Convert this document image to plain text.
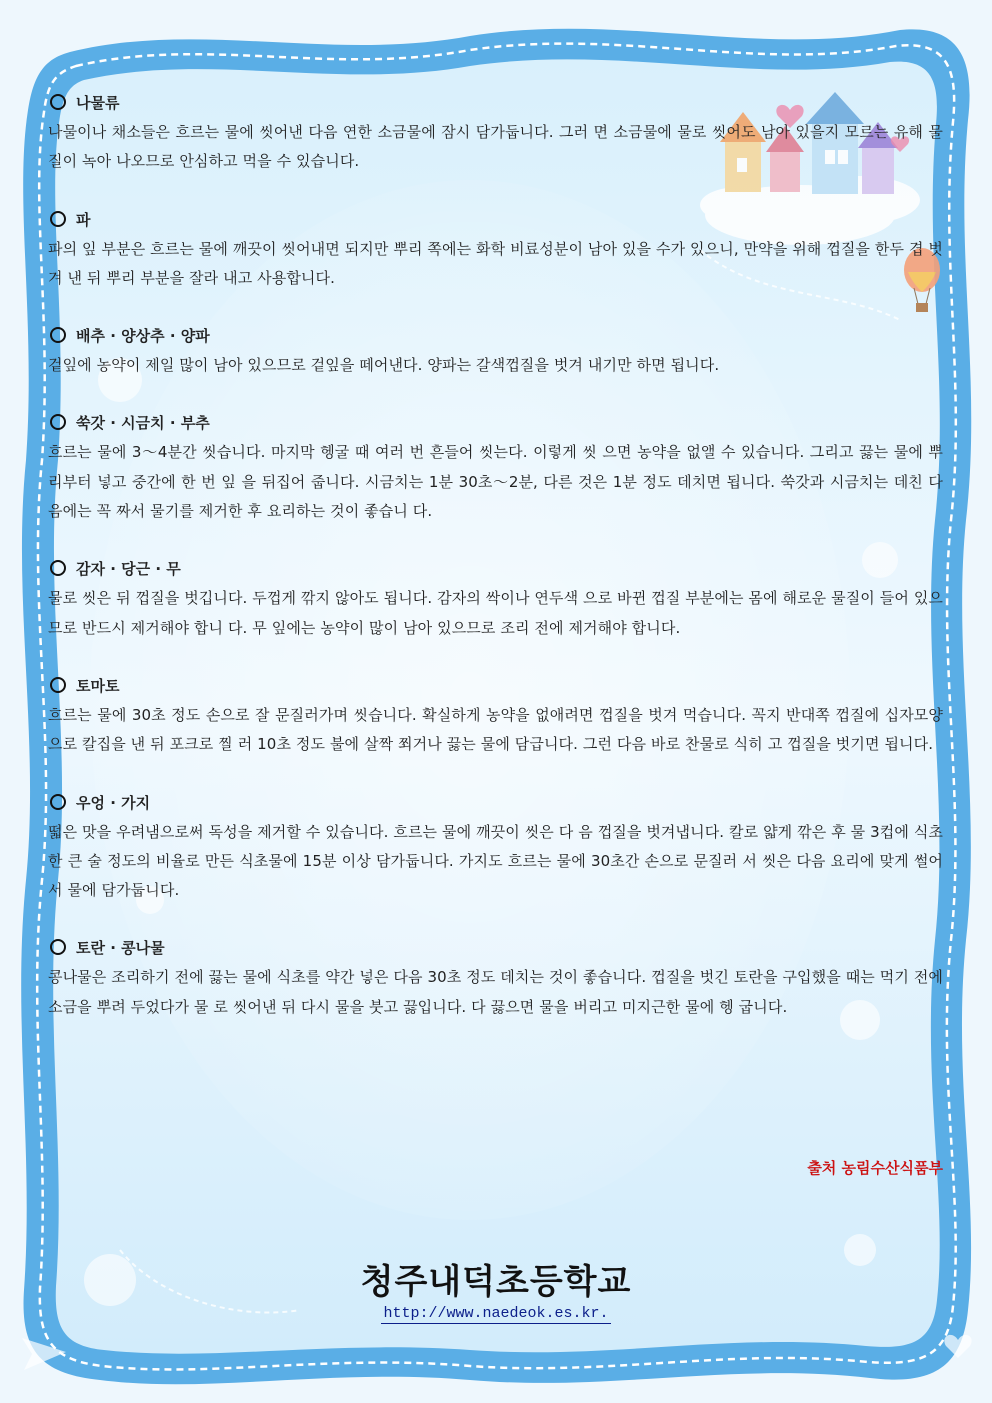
나물류
나물이나 채소들은 흐르는 물에 씻어낸 다음 연한 소금물에 잠시 담가둡니다. 그러 면 소금물에 물로 씻어도 남아 있을지 모르는 유해 물질이 녹아 나오므로 안심하고 먹을 수 있습니다.
파
파의 잎 부분은 흐르는 물에 깨끗이 씻어내면 되지만 뿌리 쪽에는 화학 비료성분이 남아 있을 수가 있으니, 만약을 위해 껍질을 한두 겹 벗겨 낸 뒤 뿌리 부분을 잘라 내고 사용합니다.
배추 · 양상추 · 양파
겉잎에 농약이 제일 많이 남아 있으므로 겉잎을 떼어낸다. 양파는 갈색껍질을 벗겨 내기만 하면 됩니다.
쑥갓 · 시금치 · 부추
흐르는 물에 3～4분간 씻습니다. 마지막 헹굴 때 여러 번 흔들어 씻는다. 이렇게 씻 으면 농약을 없앨 수 있습니다. 그리고 끓는 물에 뿌리부터 넣고 중간에 한 번 잎 을 뒤집어 줍니다. 시금치는 1분 30초～2분, 다른 것은 1분 정도 데치면 됩니다. 쑥갓과 시금치는 데친 다음에는 꼭 짜서 물기를 제거한 후 요리하는 것이 좋습니 다.
감자 · 당근 · 무
물로 씻은 뒤 껍질을 벗깁니다. 두껍게 깎지 않아도 됩니다. 감자의 싹이나 연두색 으로 바뀐 껍질 부분에는 몸에 해로운 물질이 들어 있으므로 반드시 제거해야 합니 다. 무 잎에는 농약이 많이 남아 있으므로 조리 전에 제거해야 합니다.
토마토
흐르는 물에 30초 정도 손으로 잘 문질러가며 씻습니다. 확실하게 농약을 없애려면 껍질을 벗겨 먹습니다. 꼭지 반대쪽 껍질에 십자모양으로 칼집을 낸 뒤 포크로 찔 러 10초 정도 불에 살짝 쬐거나 끓는 물에 담급니다. 그런 다음 바로 찬물로 식히 고 껍질을 벗기면 됩니다.
우엉 · 가지
떫은 맛을 우려냄으로써 독성을 제거할 수 있습니다. 흐르는 물에 깨끗이 씻은 다 음 껍질을 벗겨냅니다. 칼로 얇게 깎은 후 물 3컵에 식초 한 큰 술 정도의 비율로 만든 식초물에 15분 이상 담가둡니다. 가지도 흐르는 물에 30초간 손으로 문질러 서 씻은 다음 요리에 맞게 썰어서 물에 담가둡니다.
토란 · 콩나물
콩나물은 조리하기 전에 끓는 물에 식초를 약간 넣은 다음 30초 정도 데치는 것이 좋습니다. 껍질을 벗긴 토란을 구입했을 때는 먹기 전에 소금을 뿌려 두었다가 물 로 씻어낸 뒤 다시 물을 붓고 끓입니다. 다 끓으면 물을 버리고 미지근한 물에 헹 굽니다.
출처 농림수산식품부
청주내덕초등학교
http://www.naedeok.es.kr.
